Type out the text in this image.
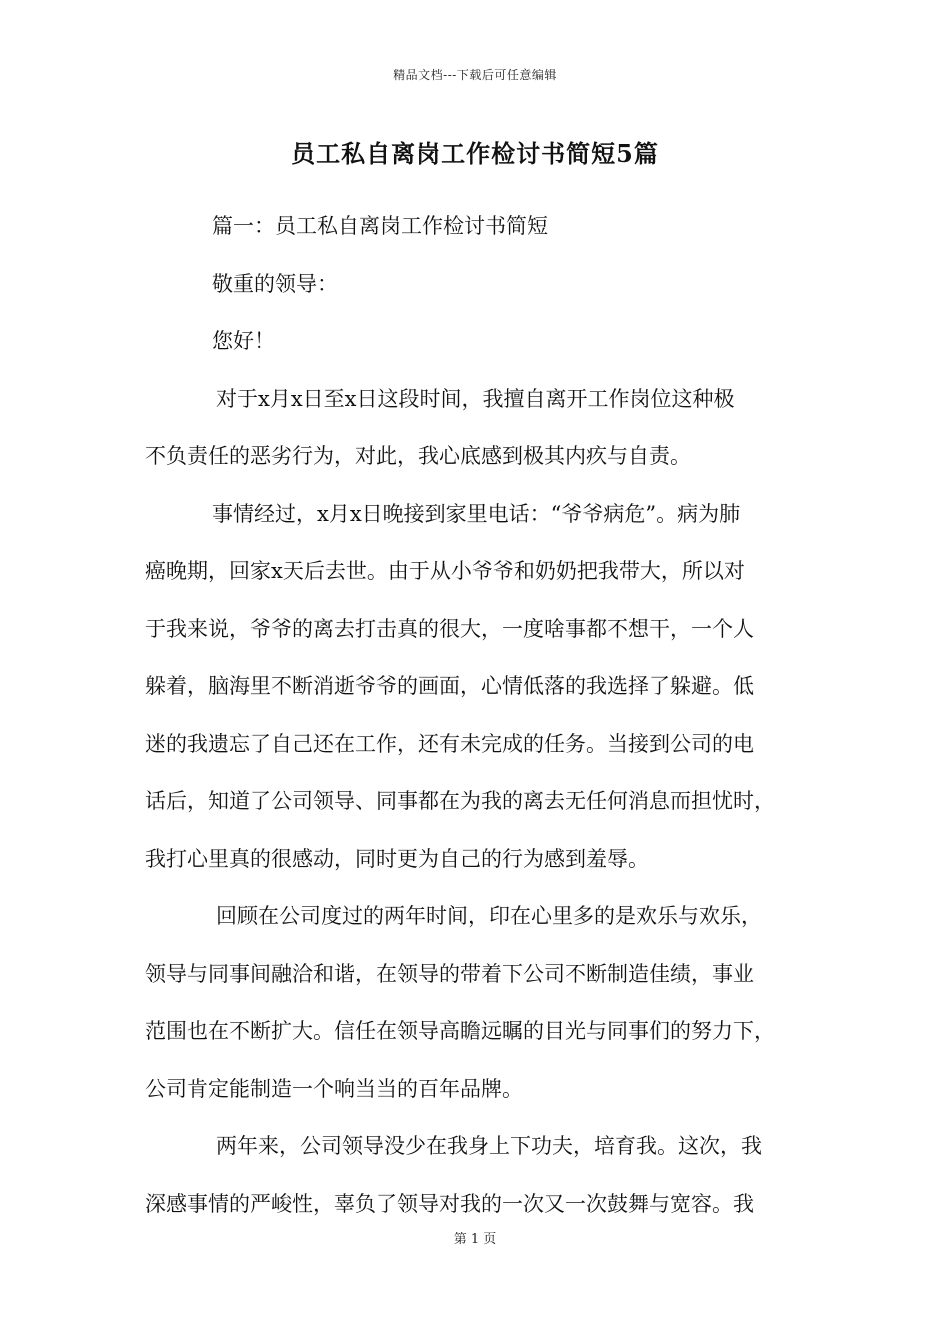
精品文档---下载后可任意编辑
员工私自离岗工作检讨书简短5篇
篇一：员工私自离岗工作检讨书简短
敬重的领导：
您好！
对于x月x日至x日这段时间，我擅自离开工作岗位这种极
不负责任的恶劣行为，对此，我心底感到极其内疚与自责。
事情经过，x月x日晚接到家里电话：“爷爷病危”。病为肺
癌晚期，回家x天后去世。由于从小爷爷和奶奶把我带大，所以对
于我来说，爷爷的离去打击真的很大，一度啥事都不想干，一个人
躲着，脑海里不断消逝爷爷的画面，心情低落的我选择了躲避。低
迷的我遗忘了自己还在工作，还有未完成的任务。当接到公司的电
话后，知道了公司领导、同事都在为我的离去无任何消息而担忧时，
我打心里真的很感动，同时更为自己的行为感到羞辱。
回顾在公司度过的两年时间，印在心里多的是欢乐与欢乐，
领导与同事间融洽和谐，在领导的带着下公司不断制造佳绩，事业
范围也在不断扩大。信任在领导高瞻远瞩的目光与同事们的努力下，
公司肯定能制造一个响当当的百年品牌。
两年来，公司领导没少在我身上下功夫，培育我。这次，我
深感事情的严峻性，辜负了领导对我的一次又一次鼓舞与宽容。我
第 1 页
